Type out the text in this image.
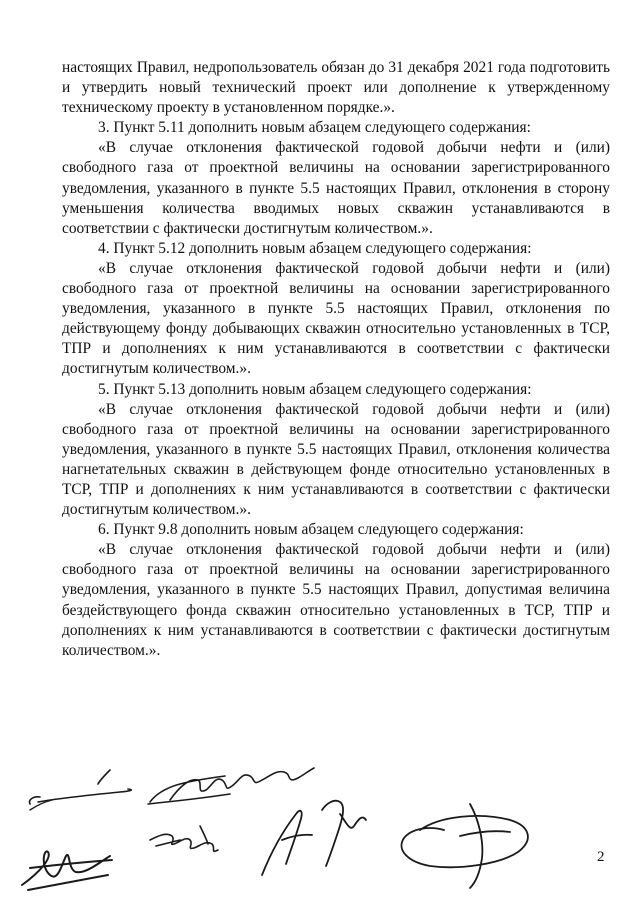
настоящих Правил, недропользователь обязан до 31 декабря 2021 года подготовить и утвердить новый технический проект или дополнение к утвержденному техническому проекту в установленном порядке.».

3. Пункт 5.11 дополнить новым абзацем следующего содержания:

«В случае отклонения фактической годовой добычи нефти и (или) свободного газа от проектной величины на основании зарегистрированного уведомления, указанного в пункте 5.5 настоящих Правил, отклонения в сторону уменьшения количества вводимых новых скважин устанавливаются в соответствии с фактически достигнутым количеством.».

4. Пункт 5.12 дополнить новым абзацем следующего содержания:

«В случае отклонения фактической годовой добычи нефти и (или) свободного газа от проектной величины на основании зарегистрированного уведомления, указанного в пункте 5.5 настоящих Правил, отклонения по действующему фонду добывающих скважин относительно установленных в ТСР, ТПР и дополнениях к ним устанавливаются в соответствии с фактически достигнутым количеством.».

5. Пункт 5.13 дополнить новым абзацем следующего содержания:

«В случае отклонения фактической годовой добычи нефти и (или) свободного газа от проектной величины на основании зарегистрированного уведомления, указанного в пункте 5.5 настоящих Правил, отклонения количества нагнетательных скважин в действующем фонде относительно установленных в ТСР, ТПР и дополнениях к ним устанавливаются в соответствии с фактически достигнутым количеством.».

6. Пункт 9.8 дополнить новым абзацем следующего содержания:

«В случае отклонения фактической годовой добычи нефти и (или) свободного газа от проектной величины на основании зарегистрированного уведомления, указанного в пункте 5.5 настоящих Правил, допустимая величина бездействующего фонда скважин относительно установленных в ТСР, ТПР и дополнениях к ним устанавливаются в соответствии с фактически достигнутым количеством.».

2
